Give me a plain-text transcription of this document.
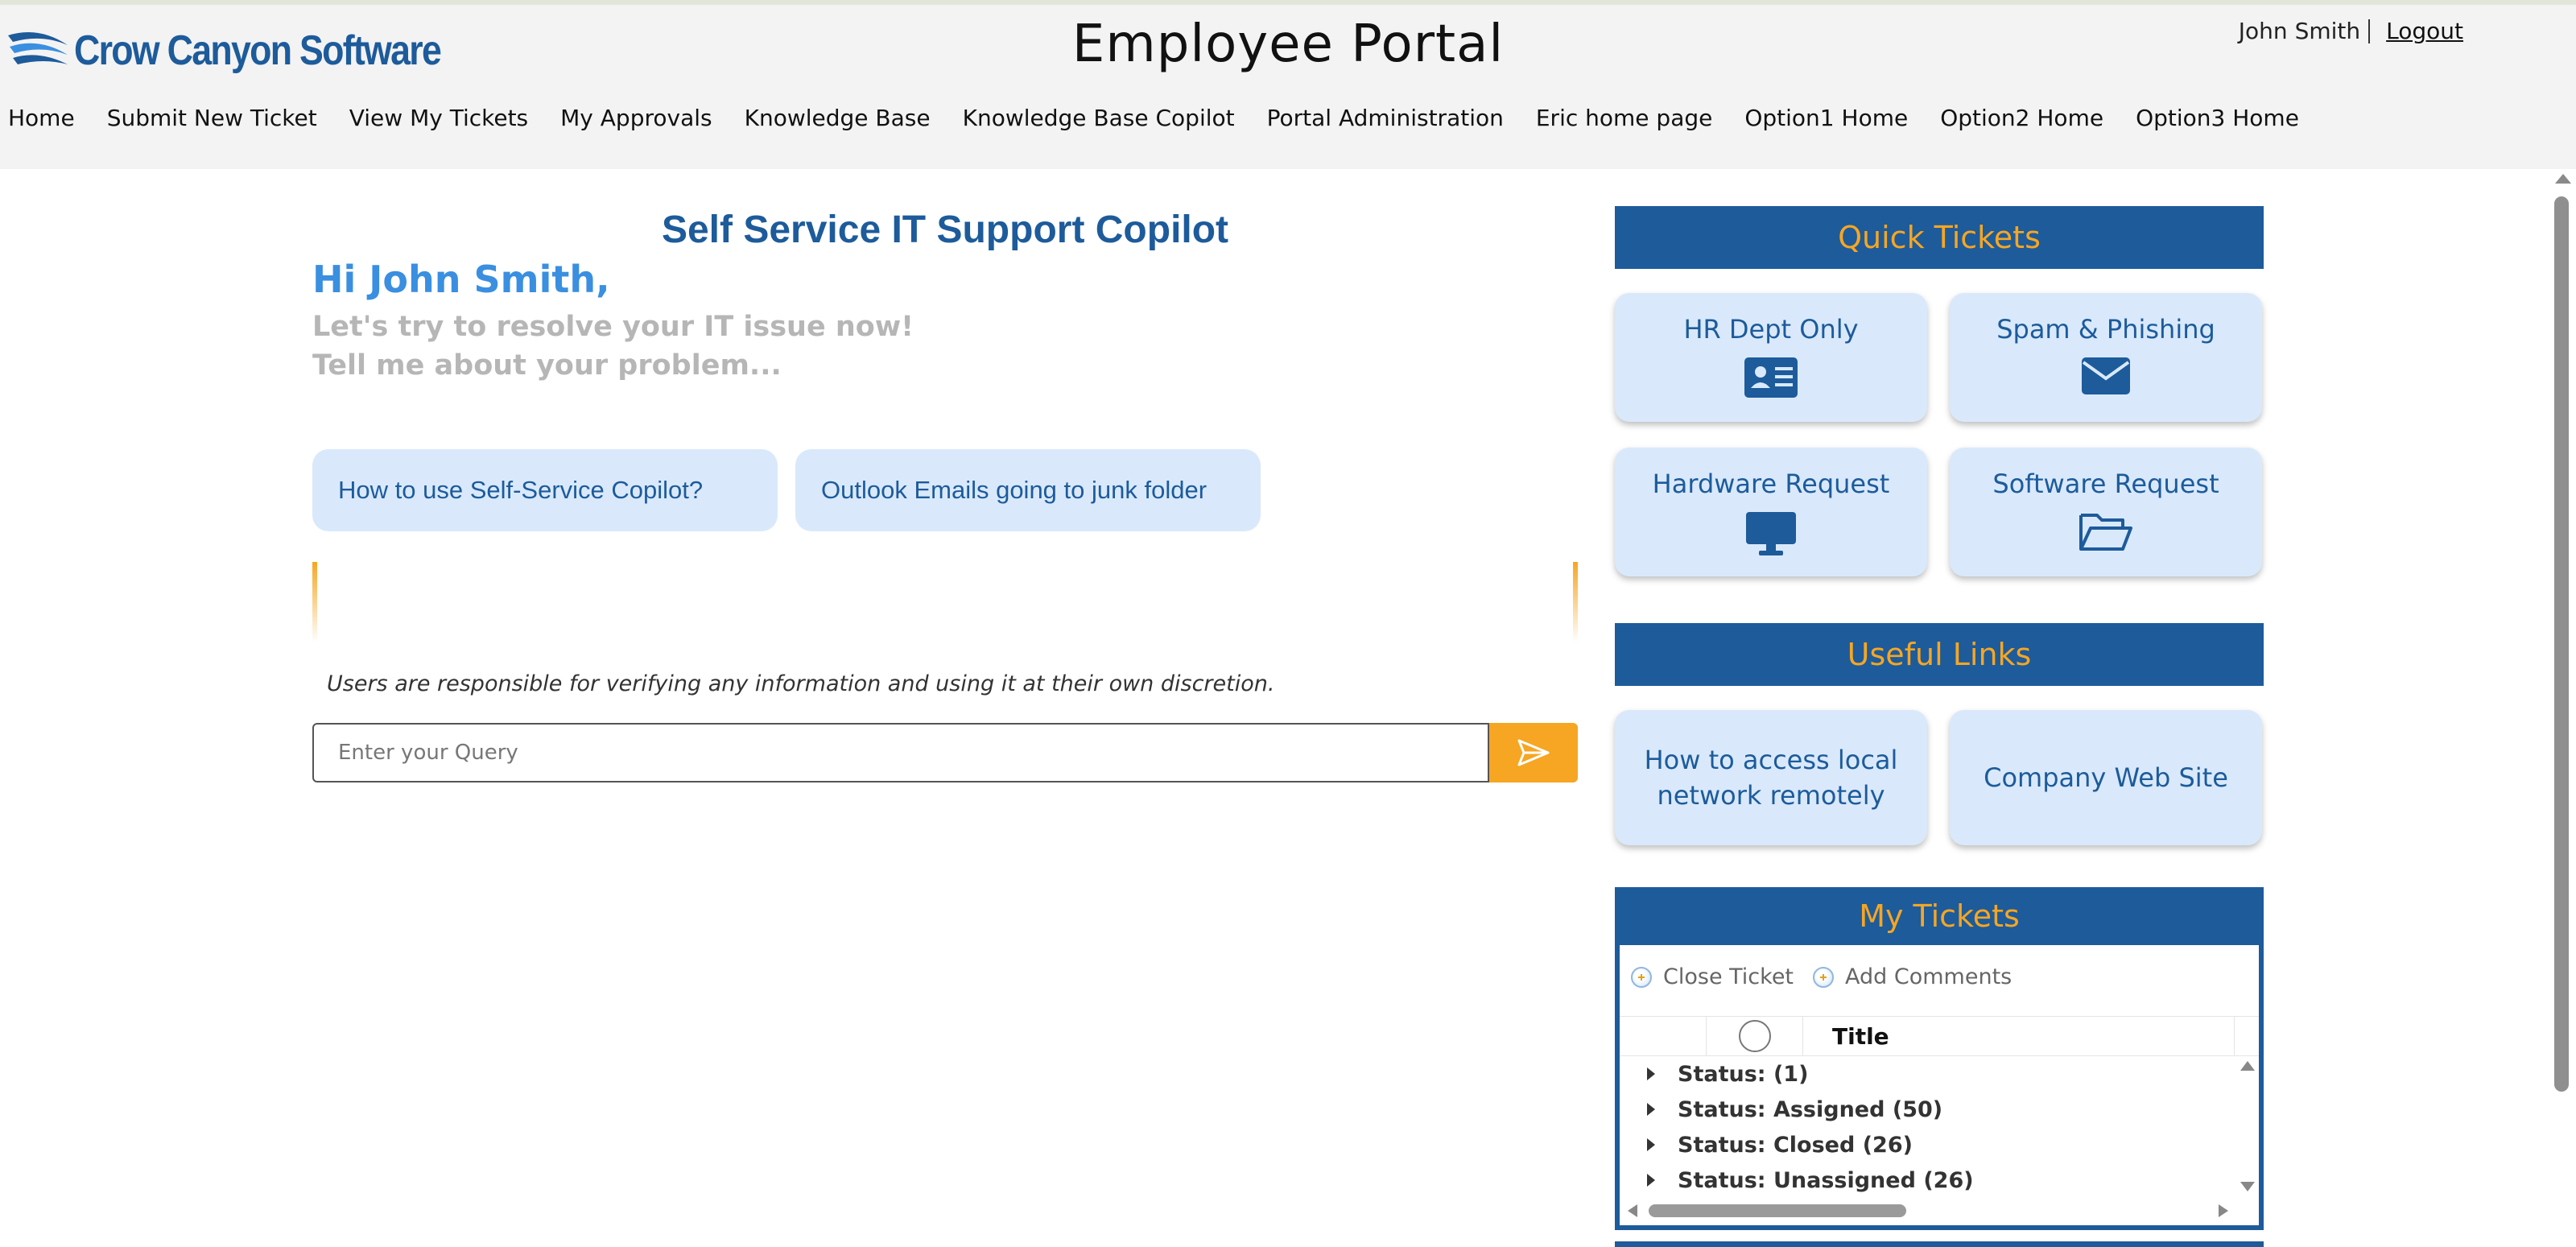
Crow Canyon Software	Employee Portal	John Smith Logout
Home Submit New Ticket View My Tickets My Approvals Knowledge Base Knowledge Base Copilot Portal Administration Eric home page Option1 Home Option2 Home Option3 Home
Self Service IT Support Copilot
Hi John Smith,
Let's try to resolve your IT issue now!
Tell me about your problem...
How to use Self-Service Copilot?	Outlook Emails going to junk folder
Users are responsible for verifying any information and using it at their own discretion.
Enter your Query
Quick Tickets
HR Dept Only	Spam & Phishing
Hardware Request	Software Request
Useful Links
How to access local network remotely
Company Web Site
My Tickets
Close Ticket Add Comments
Title
Status: (1)
Status: Assigned (50)
Status: Closed (26)
Status: Unassigned (26)
